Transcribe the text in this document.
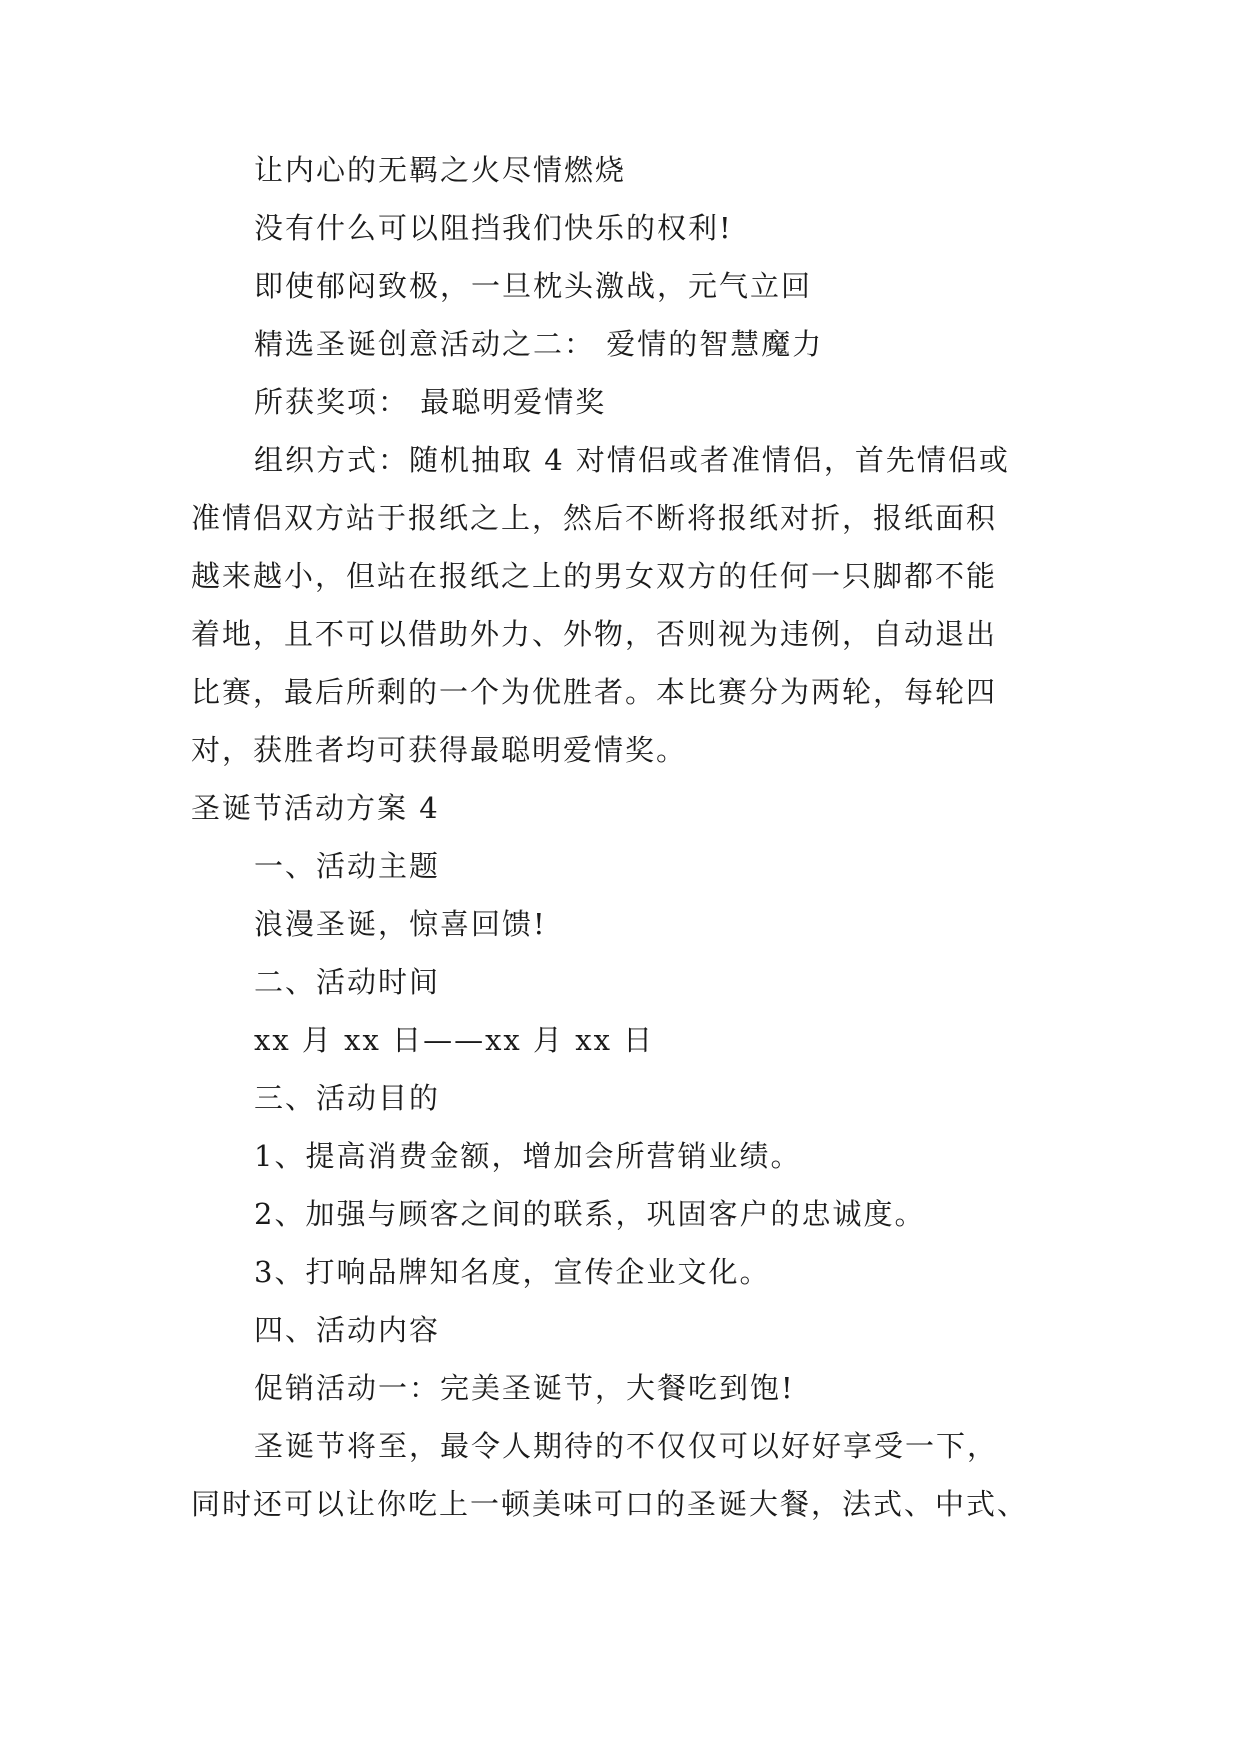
让内心的无羁之火尽情燃烧
没有什么可以阻挡我们快乐的权利!
即使郁闷致极，一旦枕头激战，元气立回
精选圣诞创意活动之二： 爱情的智慧魔力
所获奖项： 最聪明爱情奖
组织方式：随机抽取 4 对情侣或者准情侣，首先情侣或
准情侣双方站于报纸之上，然后不断将报纸对折，报纸面积
越来越小，但站在报纸之上的男女双方的任何一只脚都不能
着地，且不可以借助外力、外物，否则视为违例，自动退出
比赛，最后所剩的一个为优胜者。本比赛分为两轮，每轮四
对，获胜者均可获得最聪明爱情奖。
圣诞节活动方案 4
一、活动主题
浪漫圣诞，惊喜回馈!
二、活动时间
xx 月 xx 日——xx 月 xx 日
三、活动目的
1、提高消费金额，增加会所营销业绩。
2、加强与顾客之间的联系，巩固客户的忠诚度。
3、打响品牌知名度，宣传企业文化。
四、活动内容
促销活动一：完美圣诞节，大餐吃到饱!
圣诞节将至，最令人期待的不仅仅可以好好享受一下，
同时还可以让你吃上一顿美味可口的圣诞大餐，法式、中式、
